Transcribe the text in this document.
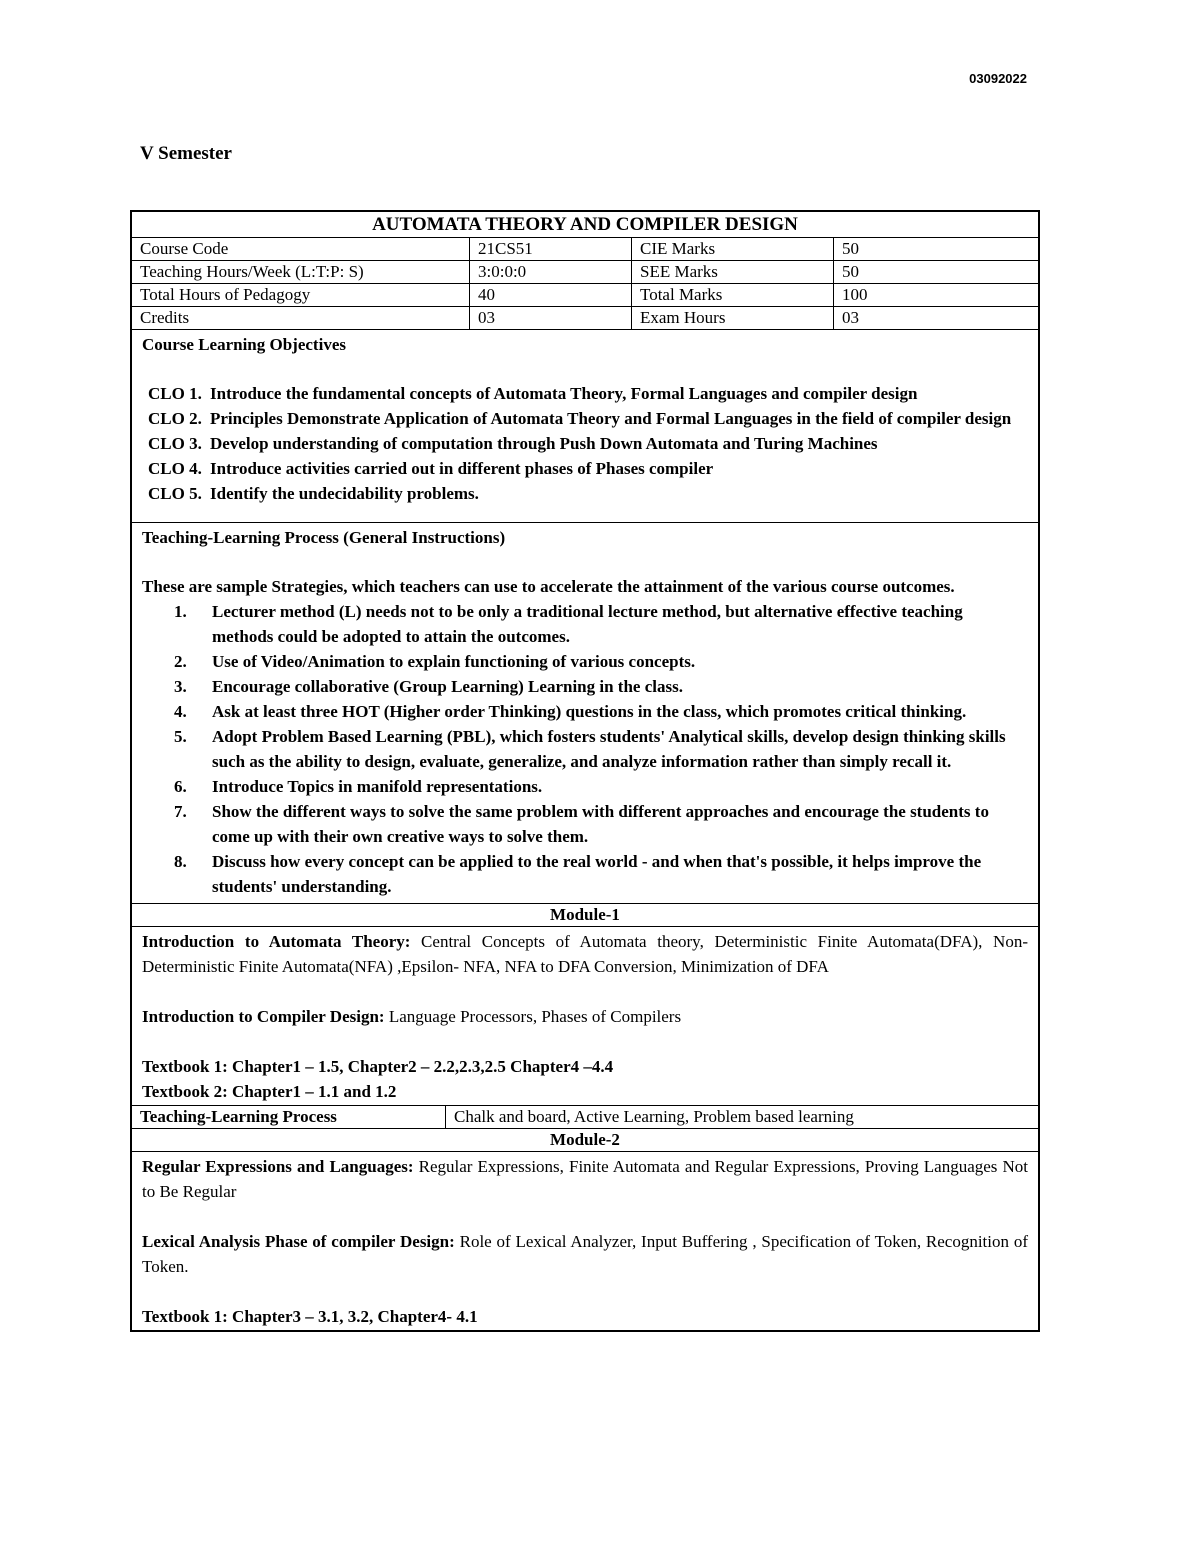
03092022
V Semester
AUTOMATA THEORY AND COMPILER DESIGN
Course Code	21CS51	CIE Marks	50
Teaching Hours/Week (L:T:P: S)	3:0:0:0	SEE Marks	50
Total Hours of Pedagogy	40	Total Marks	100
Credits	03	Exam Hours	03
Course Learning Objectives
CLO 1. Introduce the fundamental concepts of Automata Theory, Formal Languages and compiler design
CLO 2. Principles Demonstrate Application of Automata Theory and Formal Languages in the field of compiler design
CLO 3. Develop understanding of computation through Push Down Automata and Turing Machines
CLO 4. Introduce activities carried out in different phases of Phases compiler
CLO 5. Identify the undecidability problems.
Teaching-Learning Process (General Instructions)
These are sample Strategies, which teachers can use to accelerate the attainment of the various course outcomes.
1.	Lecturer method (L) needs not to be only a traditional lecture method, but alternative effective teaching methods could be adopted to attain the outcomes.
2.	Use of Video/Animation to explain functioning of various concepts.
3.	Encourage collaborative (Group Learning) Learning in the class.
4.	Ask at least three HOT (Higher order Thinking) questions in the class, which promotes critical thinking.
5.	Adopt Problem Based Learning (PBL), which fosters students' Analytical skills, develop design thinking skills such as the ability to design, evaluate, generalize, and analyze information rather than simply recall it.
6.	Introduce Topics in manifold representations.
7.	Show the different ways to solve the same problem with different approaches and encourage the students to come up with their own creative ways to solve them.
8.	Discuss how every concept can be applied to the real world - and when that's possible, it helps improve the students' understanding.
Module-1

Introduction to Automata Theory: Central Concepts of Automata theory, Deterministic Finite Automata(DFA), Non- Deterministic Finite Automata(NFA) ,Epsilon- NFA, NFA to DFA Conversion, Minimization of DFA

Introduction to Compiler Design: Language Processors, Phases of Compilers

Textbook 1: Chapter1 – 1.5, Chapter2 – 2.2,2.3,2.5 Chapter4 –4.4

Textbook 2: Chapter1 – 1.1 and 1.2

Teaching-Learning Process	Chalk and board, Active Learning, Problem based learning
Module-2

Regular Expressions and Languages: Regular Expressions, Finite Automata and Regular Expressions, Proving Languages Not to Be Regular

Lexical Analysis Phase of compiler Design: Role of Lexical Analyzer, Input Buffering , Specification of Token, Recognition of Token.

Textbook 1: Chapter3 – 3.1, 3.2, Chapter4- 4.1
